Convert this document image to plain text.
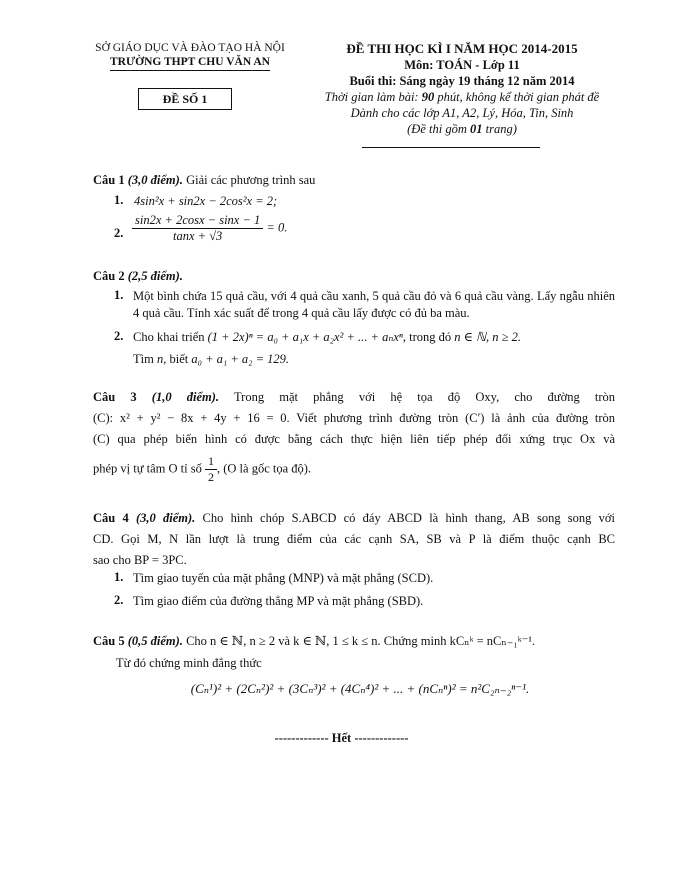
SỞ GIÁO DỤC VÀ ĐÀO TẠO HÀ NỘI
TRƯỜNG THPT CHU VĂN AN
ĐỀ SỐ 1
ĐỀ THI HỌC KÌ I NĂM HỌC 2014-2015
Môn: TOÁN - Lớp 11
Buổi thi: Sáng ngày 19 tháng 12 năm 2014
Thời gian làm bài: 90 phút, không kể thời gian phát đề
Dành cho các lớp A1, A2, Lý, Hóa, Tin, Sinh
(Đề thi gồm 01 trang)
Câu 1 (3,0 điểm). Giải các phương trình sau
1. 4sin²x + sin2x − 2cos²x = 2;
2. $\frac{\sin 2x + 2\cos x - \sin x - 1}{\tan x + √3} = 0$.
Câu 2 (2,5 điểm).
1. Một bình chứa 15 quả cầu, với 4 quả cầu xanh, 5 quả cầu đỏ và 6 quả cầu vàng. Lấy ngẫu nhiên 4 quả cầu. Tính xác suất để trong 4 quả cầu lấy được có đủ ba màu.
2. Cho khai triển (1 + 2x)ⁿ = a₀ + a₁x + a₂x² + ... + aₙxⁿ, trong đó n ∈ ℕ, n ≥ 2.
Tìm n, biết a₀ + a₁ + a₂ = 129.
Câu 3 (1,0 điểm). Trong mặt phẳng với hệ tọa độ Oxy, cho đường tròn
(C): x² + y² − 8x + 4y + 16 = 0. Viết phương trình đường tròn (C′) là ảnh của đường tròn
(C) qua phép biến hình có được bằng cách thực hiện liên tiếp phép đối xứng trục Ox và
phép vị tự tâm O tỉ số $\frac{1}{2}$ , (O là gốc tọa độ).
Câu 4 (3,0 điểm). Cho hình chóp S.ABCD có đáy ABCD là hình thang, AB song song với
CD. Gọi M, N lần lượt là trung điểm của các cạnh SA, SB và P là điểm thuộc cạnh BC
sao cho BP = 3PC.
1. Tìm giao tuyến của mặt phẳng (MNP) và mặt phẳng (SCD).
2. Tìm giao điểm của đường thẳng MP và mặt phẳng (SBD).
Câu 5 (0,5 điểm). Cho n ∈ ℕ, n ≥ 2 và k ∈ ℕ, 1 ≤ k ≤ n. Chứng minh kCₙᵏ = nCₙ₋₁ᵏ⁻¹.
Từ đó chứng minh đẳng thức
(Cₙ¹)² + (2Cₙ²)² + (3Cₙ³)² + (4Cₙ⁴)² + ... + (nCₙⁿ)² = n²C₂ₙ₋₂ⁿ⁻¹.
------------- Hết -------------
